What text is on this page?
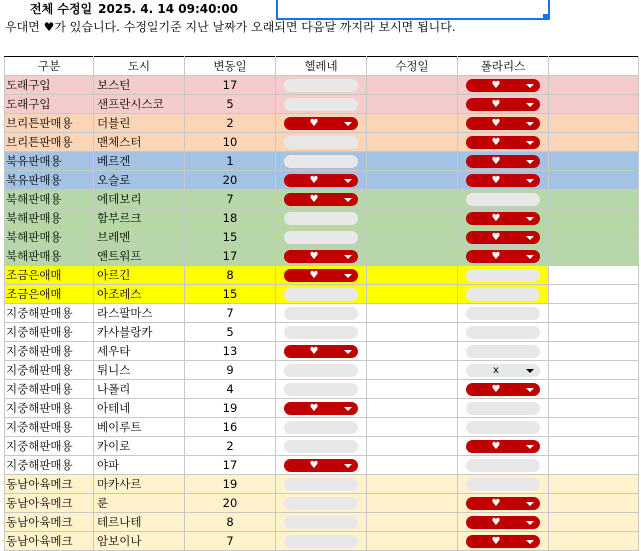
전체 수정일 2025. 4. 14 09:40:00
우대면 ♥가 있습니다. 수정일기준 지난 날짜가 오래되면 다음달 까지라 보시면 됩니다.
구분	도시	변동일	헬레네	수정일	폴라리스	
도래구입	보스턴	17			♥	

도래구입	샌프란시스코	5			♥	

브리튼판매용	더블린	2	♥		♥	

브리튼판매용	맨체스터	10			♥	

북유판매용	베르겐	1			♥	

북유판매용	오슬로	20	♥		♥	

북해판매용	에데보리	7	♥			

북해판매용	함부르크	18			♥	

북해판매용	브레멘	15			♥	

북해판매용	앤트워프	17	♥		♥	

조금은애매	아르긴	8	♥			

조금은애매	아조레스	15				
지중해판매용	라스팔마스	7				
지중해판매용	카사블랑카	5				
지중해판매용	세우타	13	♥			

지중해판매용	튀니스	9			x	

지중해판매용	나폴리	4			♥	

지중해판매용	아테네	19	♥			

지중해판매용	베이루트	16				
지중해판매용	카이로	2			♥	

지중해판매용	야파	17	♥			

동남아육메크	마카사르	19				
동남아육메크	룬	20			♥	

동남아육메크	테르나테	8			♥	

동남아육메크	암보이나	7			♥	
